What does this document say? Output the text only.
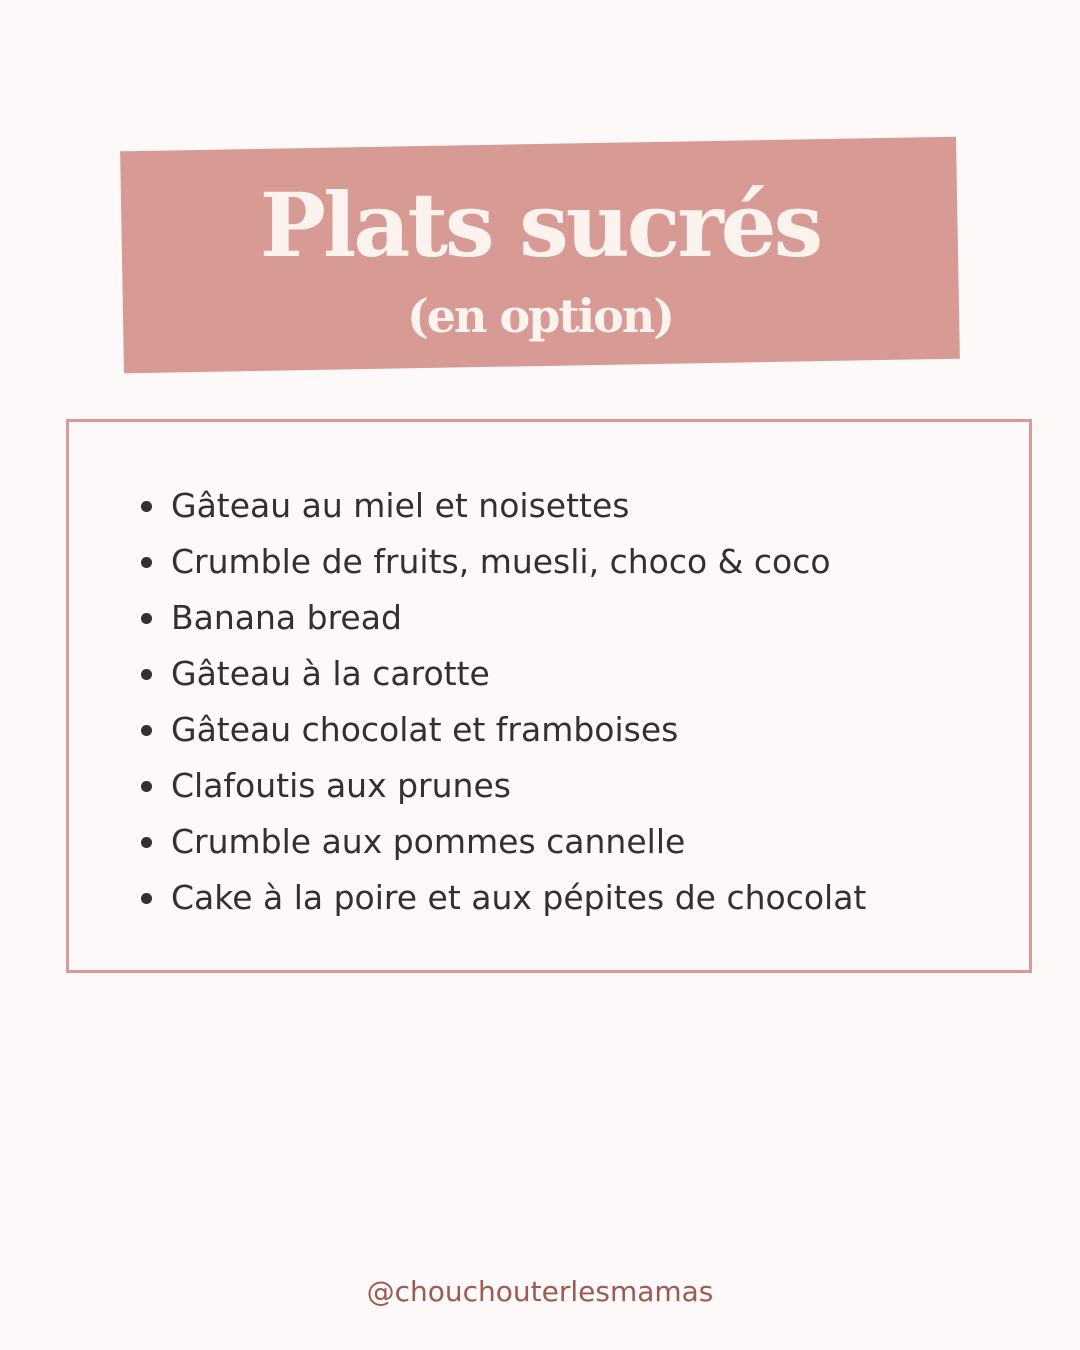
Plats sucrés
(en option)
Gâteau au miel et noisettes
Crumble de fruits, muesli, choco & coco
Banana bread
Gâteau à la carotte
Gâteau chocolat et framboises
Clafoutis aux prunes
Crumble aux pommes cannelle
Cake à la poire et aux pépites de chocolat
@chouchouterlesmamas
